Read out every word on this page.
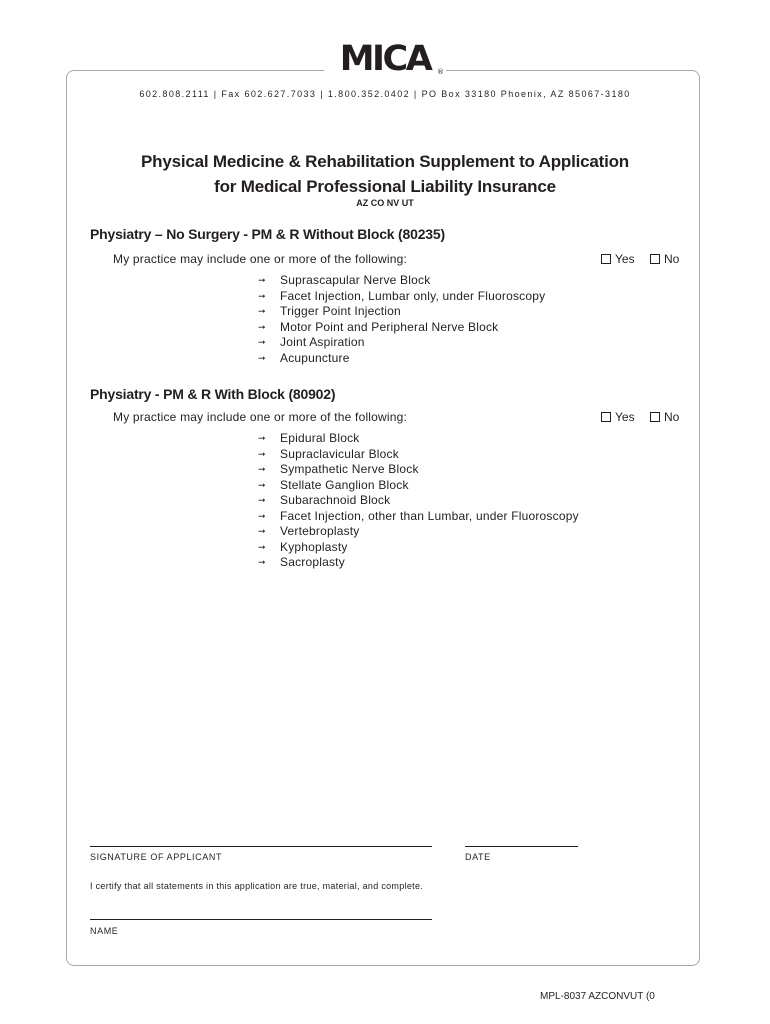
MICA ®
602.808.2111 | Fax 602.627.7033 | 1.800.352.0402 | PO Box 33180 Phoenix, AZ 85067-3180
Physical Medicine & Rehabilitation Supplement to Application
for Medical Professional Liability Insurance
AZ CO NV UT
Physiatry – No Surgery - PM & R Without Block (80235)
My practice may include one or more of the following:	Yes No
➞	Suprascapular Nerve Block
➞	Facet Injection, Lumbar only, under Fluoroscopy
➞	Trigger Point Injection
➞	Motor Point and Peripheral Nerve Block
➞	Joint Aspiration
➞	Acupuncture
Physiatry - PM & R With Block (80902)
My practice may include one or more of the following:	Yes No
➞	Epidural Block
➞	Supraclavicular Block
➞	Sympathetic Nerve Block
➞	Stellate Ganglion Block
➞	Subarachnoid Block
➞	Facet Injection, other than Lumbar, under Fluoroscopy
➞	Vertebroplasty
➞	Kyphoplasty
➞	Sacroplasty
SIGNATURE OF APPLICANT	DATE
I certify that all statements in this application are true, material, and complete.
NAME
MPL-8037 AZCONVUT (0
